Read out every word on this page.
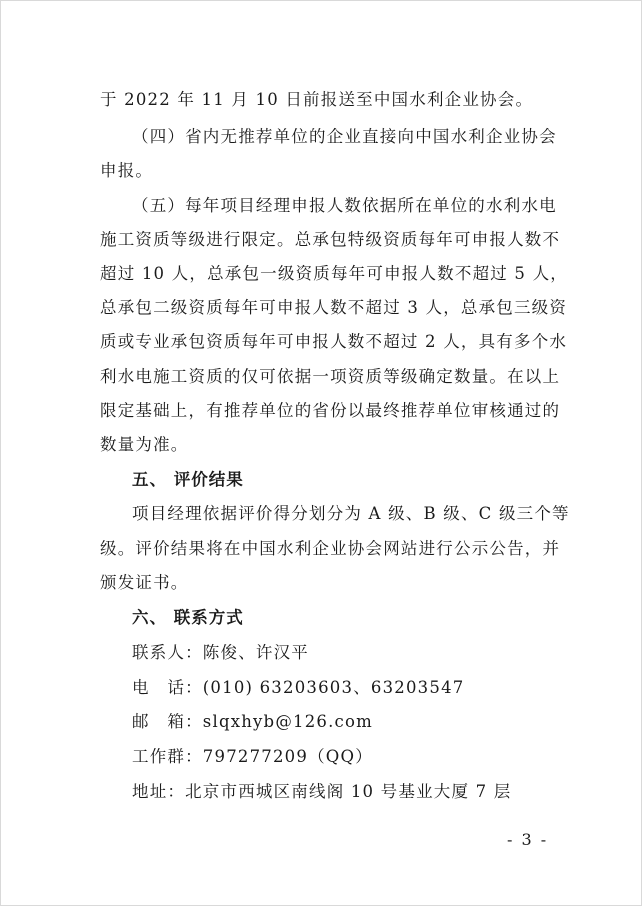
于 2022 年 11 月 10 日前报送至中国水利企业协会。
（四）省内无推荐单位的企业直接向中国水利企业协会
申报。
（五）每年项目经理申报人数依据所在单位的水利水电
施工资质等级进行限定。总承包特级资质每年可申报人数不
超过 10 人，总承包一级资质每年可申报人数不超过 5 人，
总承包二级资质每年可申报人数不超过 3 人，总承包三级资
质或专业承包资质每年可申报人数不超过 2 人，具有多个水
利水电施工资质的仅可依据一项资质等级确定数量。在以上
限定基础上，有推荐单位的省份以最终推荐单位审核通过的
数量为准。
五、 评价结果
项目经理依据评价得分划分为 A 级、B 级、C 级三个等
级。评价结果将在中国水利企业协会网站进行公示公告，并
颁发证书。
六、 联系方式
联系人：陈俊、许汉平
电　话：(010) 63203603、63203547
邮　箱：slqxhyb@126.com
工作群：797277209（QQ）
地址：北京市西城区南线阁 10 号基业大厦 7 层
- 3 -
